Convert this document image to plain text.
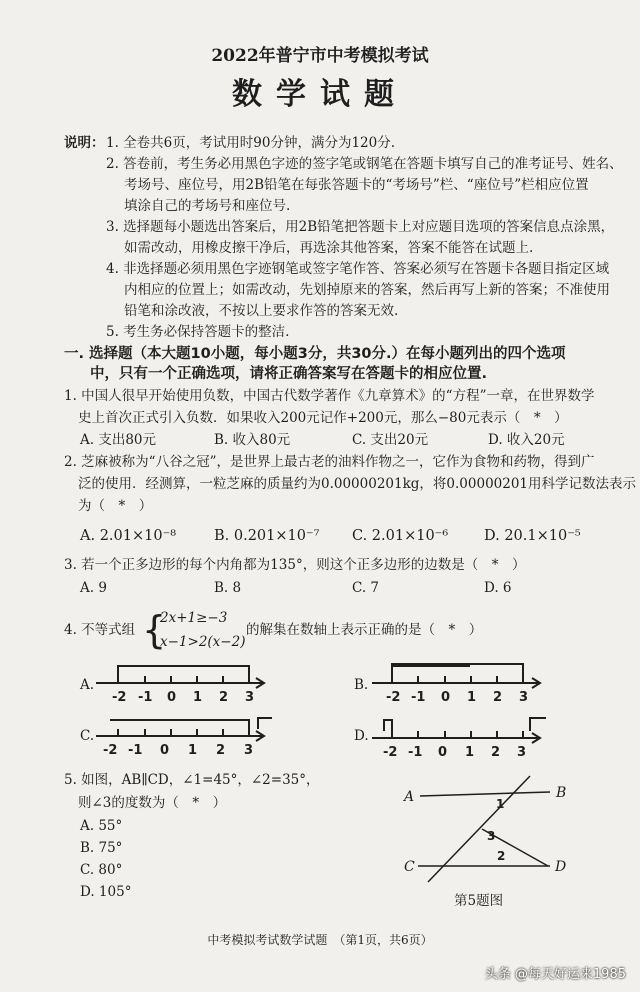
2022年普宁市中考模拟考试
数学试题
说明： 1. 全卷共6页，考试用时90分钟，满分为120分.
2. 答卷前，考生务必用黑色字迹的签字笔或钢笔在答题卡填写自己的准考证号、姓名、
考场号、座位号，用2B铅笔在每张答题卡的“考场号”栏、“座位号”栏相应位置
填涂自己的考场号和座位号.
3. 选择题每小题选出答案后，用2B铅笔把答题卡上对应题目选项的答案信息点涂黑，
如需改动，用橡皮擦干净后，再选涂其他答案，答案不能答在试题上.
4. 非选择题必须用黑色字迹钢笔或签字笔作答、答案必须写在答题卡各题目指定区域
内相应的位置上；如需改动，先划掉原来的答案，然后再写上新的答案；不准使用
铅笔和涂改液，不按以上要求作答的答案无效.
5. 考生务必保持答题卡的整洁.
一. 选择题（本大题10小题，每小题3分，共30分.）在每小题列出的四个选项
中，只有一个正确选项，请将正确答案写在答题卡的相应位置.
1. 中国人很早开始使用负数，中国古代数学著作《九章算术》的“方程”一章，在世界数学
史上首次正式引入负数．如果收入200元记作+200元，那么−80元表示（　*　）
A. 支出80元	B. 收入80元	C. 支出20元	D. 收入20元
2. 芝麻被称为“八谷之冠”，是世界上最古老的油料作物之一，它作为食物和药物，得到广
泛的使用．经测算，一粒芝麻的质量约为0.00000201kg，将0.00000201用科学记数法表示
为（　*　）
A. 2.01×10⁻⁸	B. 0.201×10⁻⁷ C. 2.01×10⁻⁶ D. 20.1×10⁻⁵
3. 若一个正多边形的每个内角都为135°，则这个正多边形的边数是（　*　）
A. 9	B. 8	C. 7	D. 6
4. 不等式组 {
2x+1≥−3
x−1>2(x−2)
的解集在数轴上表示正确的是（　*　）
A.	B.
C.	D.
-2 -1 0 1 2 3	-2 -1 0 1 2 3
-2 -1 0 1 2 3	-2 -1 0 1 2 3
5. 如图，AB∥CD，∠1=45°，∠2=35°，
则∠3的度数为（　*　）
A. 55°
B. 75°
C. 80°
D. 105°
A	B
C	D
1
3
2
第5题图
中考模拟考试数学试题　（第1页，共6页）
头条 @每天好运来1985
